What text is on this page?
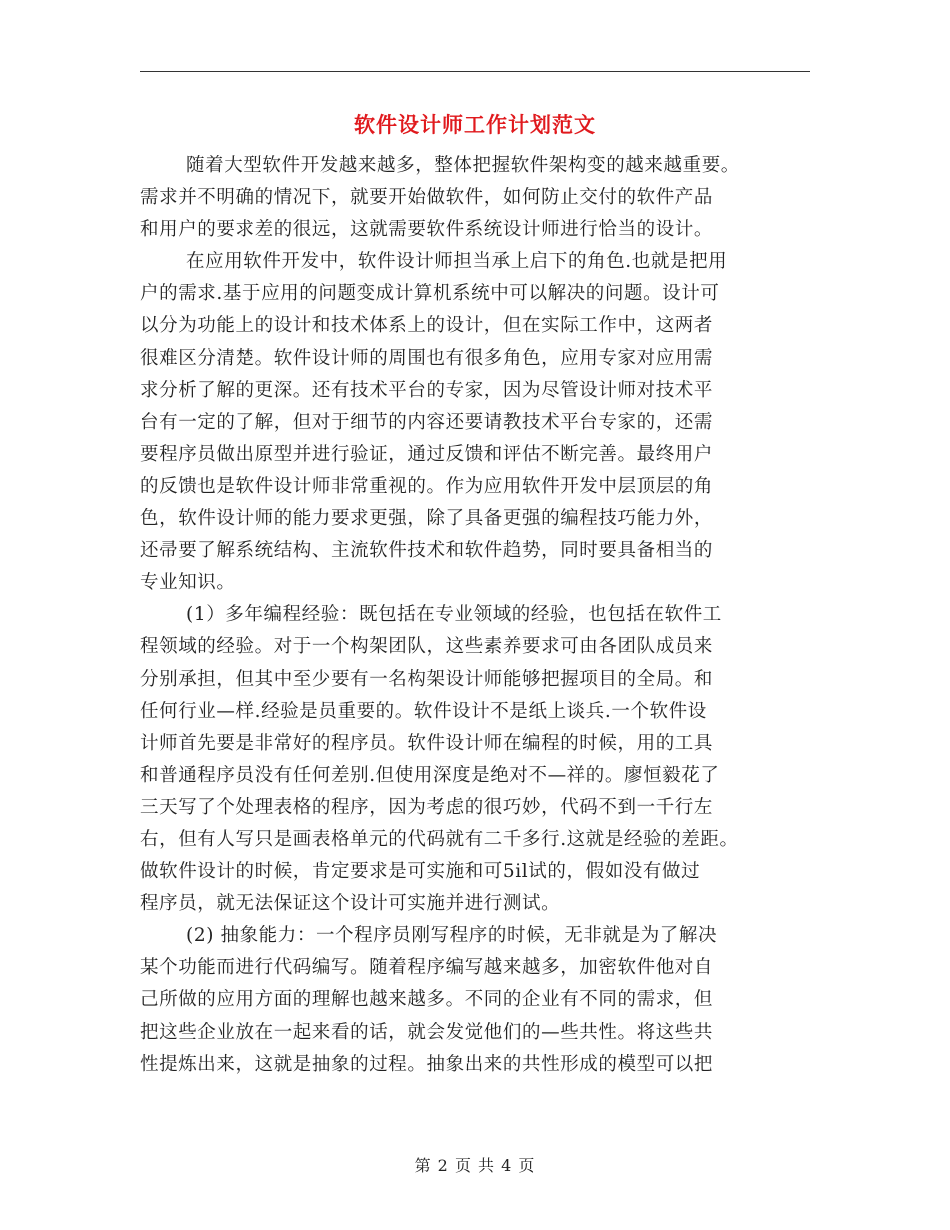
软件设计师工作计划范文
随着大型软件开发越来越多，整体把握软件架构变的越来越重要。
需求并不明确的情况下，就要开始做软件，如何防止交付的软件产品
和用户的要求差的很远，这就需要软件系统设计师进行恰当的设计。
在应用软件开发中，软件设计师担当承上启下的角色.也就是把用
户的需求.基于应用的问题变成计算机系统中可以解决的问题。设计可
以分为功能上的设计和技术体系上的设计，但在实际工作中，这两者
很难区分清楚。软件设计师的周围也有很多角色，应用专家对应用需
求分析了解的更深。还有技术平台的专家，因为尽管设计师对技术平
台有一定的了解，但对于细节的内容还要请教技术平台专家的，还需
要程序员做出原型并进行验证，通过反馈和评估不断完善。最终用户
的反馈也是软件设计师非常重视的。作为应用软件开发中层顶层的角
色，软件设计师的能力要求更强，除了具备更强的编程技巧能力外，
还帚要了解系统结构、主流软件技术和软件趋势，同时要具备相当的
专业知识。
(1）多年编程经验：既包括在专业领域的经验，也包括在软件工
程领域的经验。对于一个构架团队，这些素养要求可由各团队成员来
分别承担，但其中至少要有一名构架设计师能够把握项目的全局。和
任何行业—样.经验是员重要的。软件设计不是纸上谈兵.一个软件设
计师首先要是非常好的程序员。软件设计师在编程的时候，用的工具
和普通程序员没有任何差别.但使用深度是绝对不—祥的。廖恒毅花了
三天写了个处理表格的程序，因为考虑的很巧妙，代码不到一千行左
右，但有人写只是画表格单元的代码就有二千多行.这就是经验的差距。
做软件设计的时候，肯定要求是可实施和可5il试的，假如没有做过
程序员，就无法保证这个设计可实施并进行测试。
(2) 抽象能力：一个程序员刚写程序的时候，无非就是为了解决
某个功能而进行代码编写。随着程序编写越来越多，加密软件他对自
己所做的应用方面的理解也越来越多。不同的企业有不同的需求，但
把这些企业放在一起来看的话，就会发觉他们的—些共性。将这些共
性提炼出来，这就是抽象的过程。抽象出来的共性形成的模型可以把
第 2 页 共 4 页
